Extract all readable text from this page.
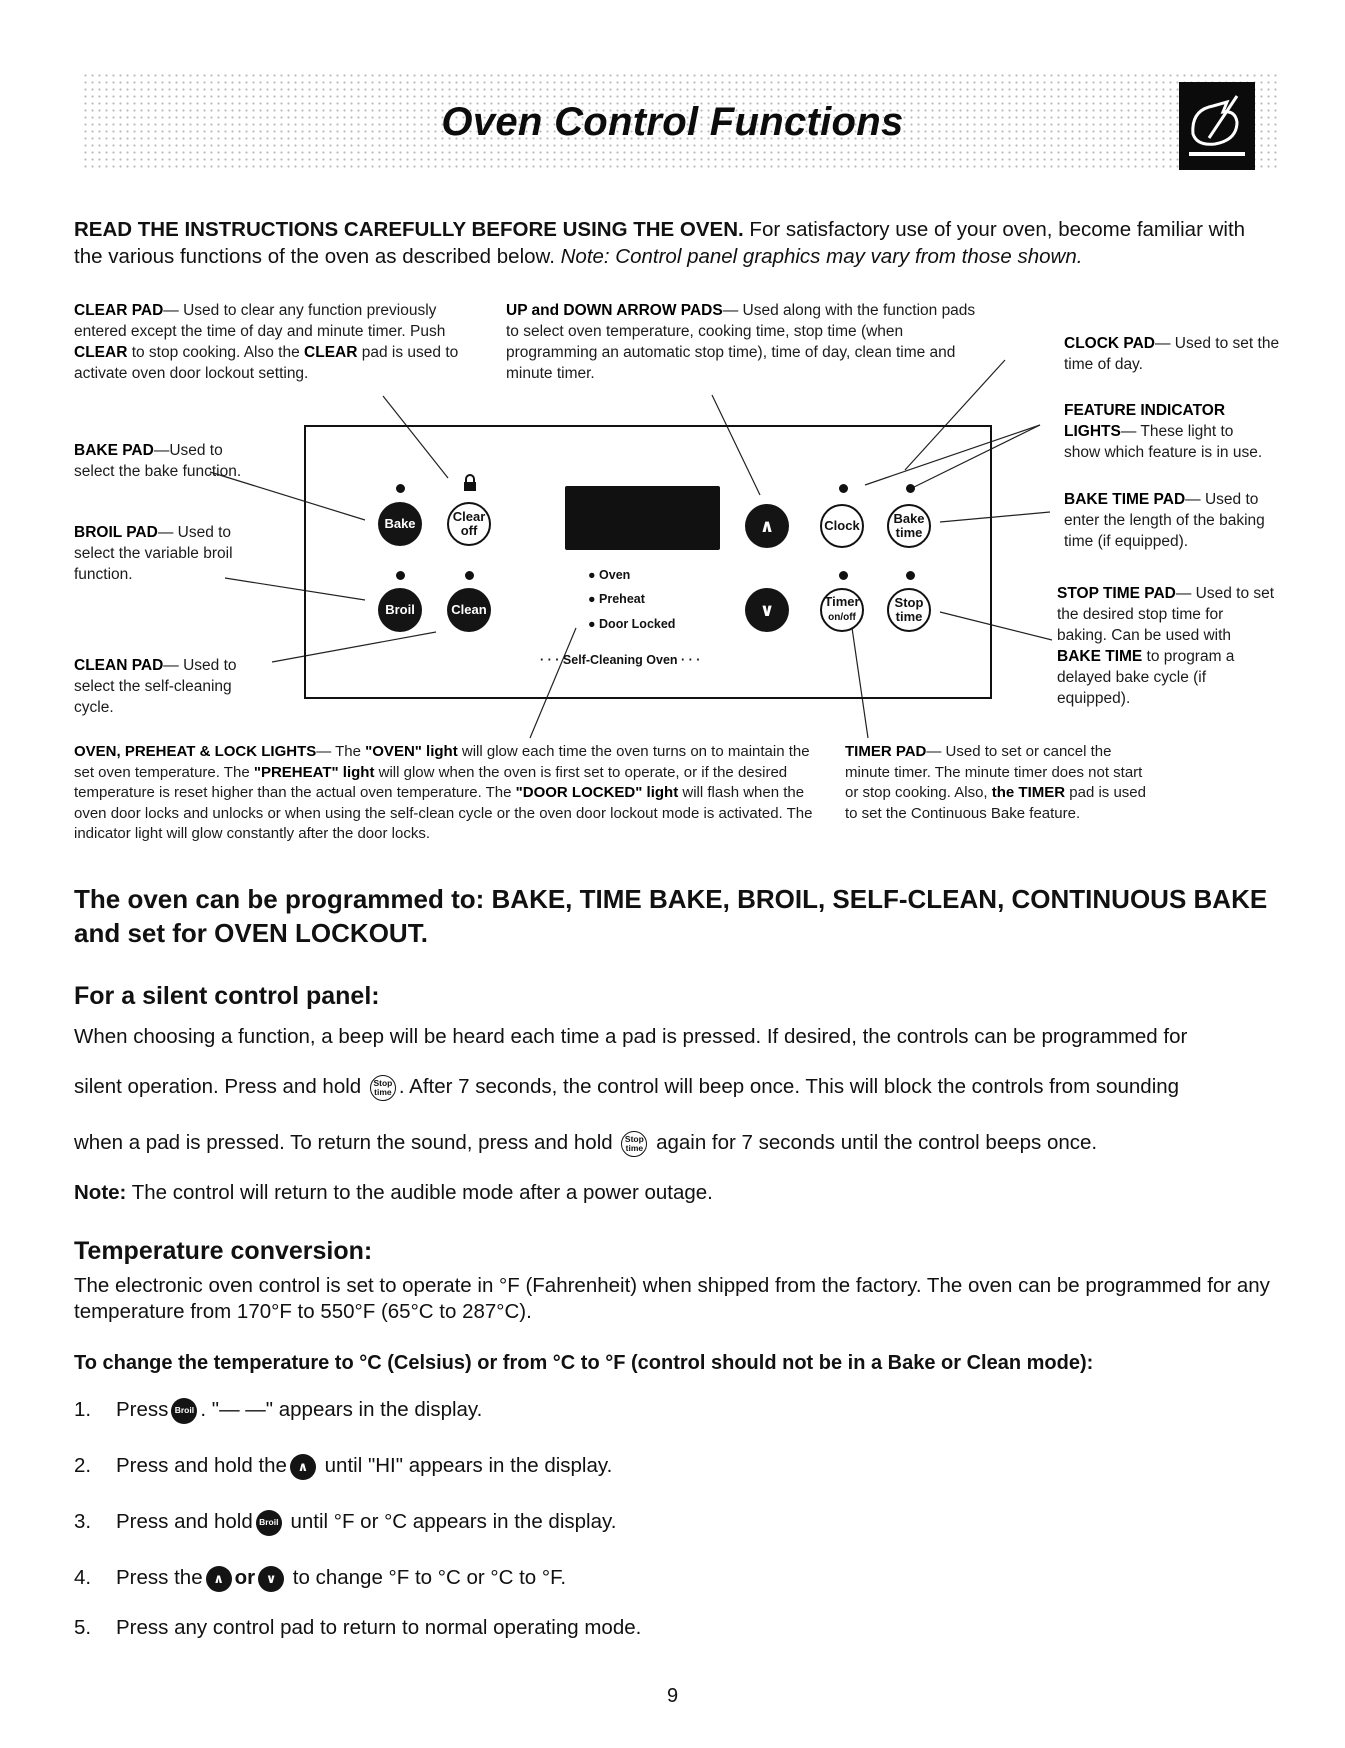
Oven Control Functions
READ THE INSTRUCTIONS CAREFULLY BEFORE USING THE OVEN. For satisfactory use of your oven, become familiar with the various functions of the oven as described below. Note: Control panel graphics may vary from those shown.
CLEAR PAD— Used to clear any function previously entered except the time of day and minute timer. Push CLEAR to stop cooking. Also the CLEAR pad is used to activate oven door lockout setting.
UP and DOWN ARROW PADS— Used along with the function pads to select oven temperature, cooking time, stop time (when programming an automatic stop time), time of day, clean time and minute timer.
CLOCK PAD— Used to set the time of day.
FEATURE INDICATOR LIGHTS— These light to show which feature is in use.
BAKE TIME PAD— Used to enter the length of the baking time (if equipped).
STOP TIME PAD— Used to set the desired stop time for baking. Can be used with BAKE TIME to program a delayed bake cycle (if equipped).
BAKE PAD—Used to select the bake function.
BROIL PAD— Used to select the variable broil function.
CLEAN PAD— Used to select the self-cleaning cycle.
OVEN, PREHEAT & LOCK LIGHTS— The "OVEN" light will glow each time the oven turns on to maintain the set oven temperature. The "PREHEAT" light will glow when the oven is first set to operate, or if the desired temperature is reset higher than the actual oven temperature. The "DOOR LOCKED" light will flash when the oven door locks and unlocks or when using the self-clean cycle or the oven door lockout mode is activated. The indicator light will glow constantly after the door locks.
TIMER PAD— Used to set or cancel the minute timer. The minute timer does not start or stop cooking. Also, the TIMER pad is used to set the Continuous Bake feature.
Bake	Clear
off
Broil	Clean
● Oven
● Preheat
● Door Locked
· · · Self-Cleaning Oven · · ·
∧
∨
Clock	Bake
time
Timer
on/off
Stop
time
The oven can be programmed to: BAKE, TIME BAKE, BROIL, SELF-CLEAN, CONTINUOUS BAKE and set for OVEN LOCKOUT.
For a silent control panel:
When choosing a function, a beep will be heard each time a pad is pressed. If desired, the controls can be programmed for
silent operation. Press and hold Stop
time . After 7 seconds, the control will beep once. This will block the controls from sounding
when a pad is pressed. To return the sound, press and hold Stop
time again for 7 seconds until the control beeps once.
Note: The control will return to the audible mode after a power outage.
Temperature conversion:
The electronic oven control is set to operate in °F (Fahrenheit) when shipped from the factory. The oven can be programmed for any temperature from 170°F to 550°F (65°C to 287°C).
To change the temperature to °C (Celsius) or from °C to °F (control should not be in a Bake or Clean mode):
1. Press Broil . "— —" appears in the display.
2. Press and hold the ∧ until "HI" appears in the display.
3. Press and hold Broil until °F or °C appears in the display.
4. Press the ∧ or ∨ to change °F to °C or °C to °F.
5. Press any control pad to return to normal operating mode.
9
